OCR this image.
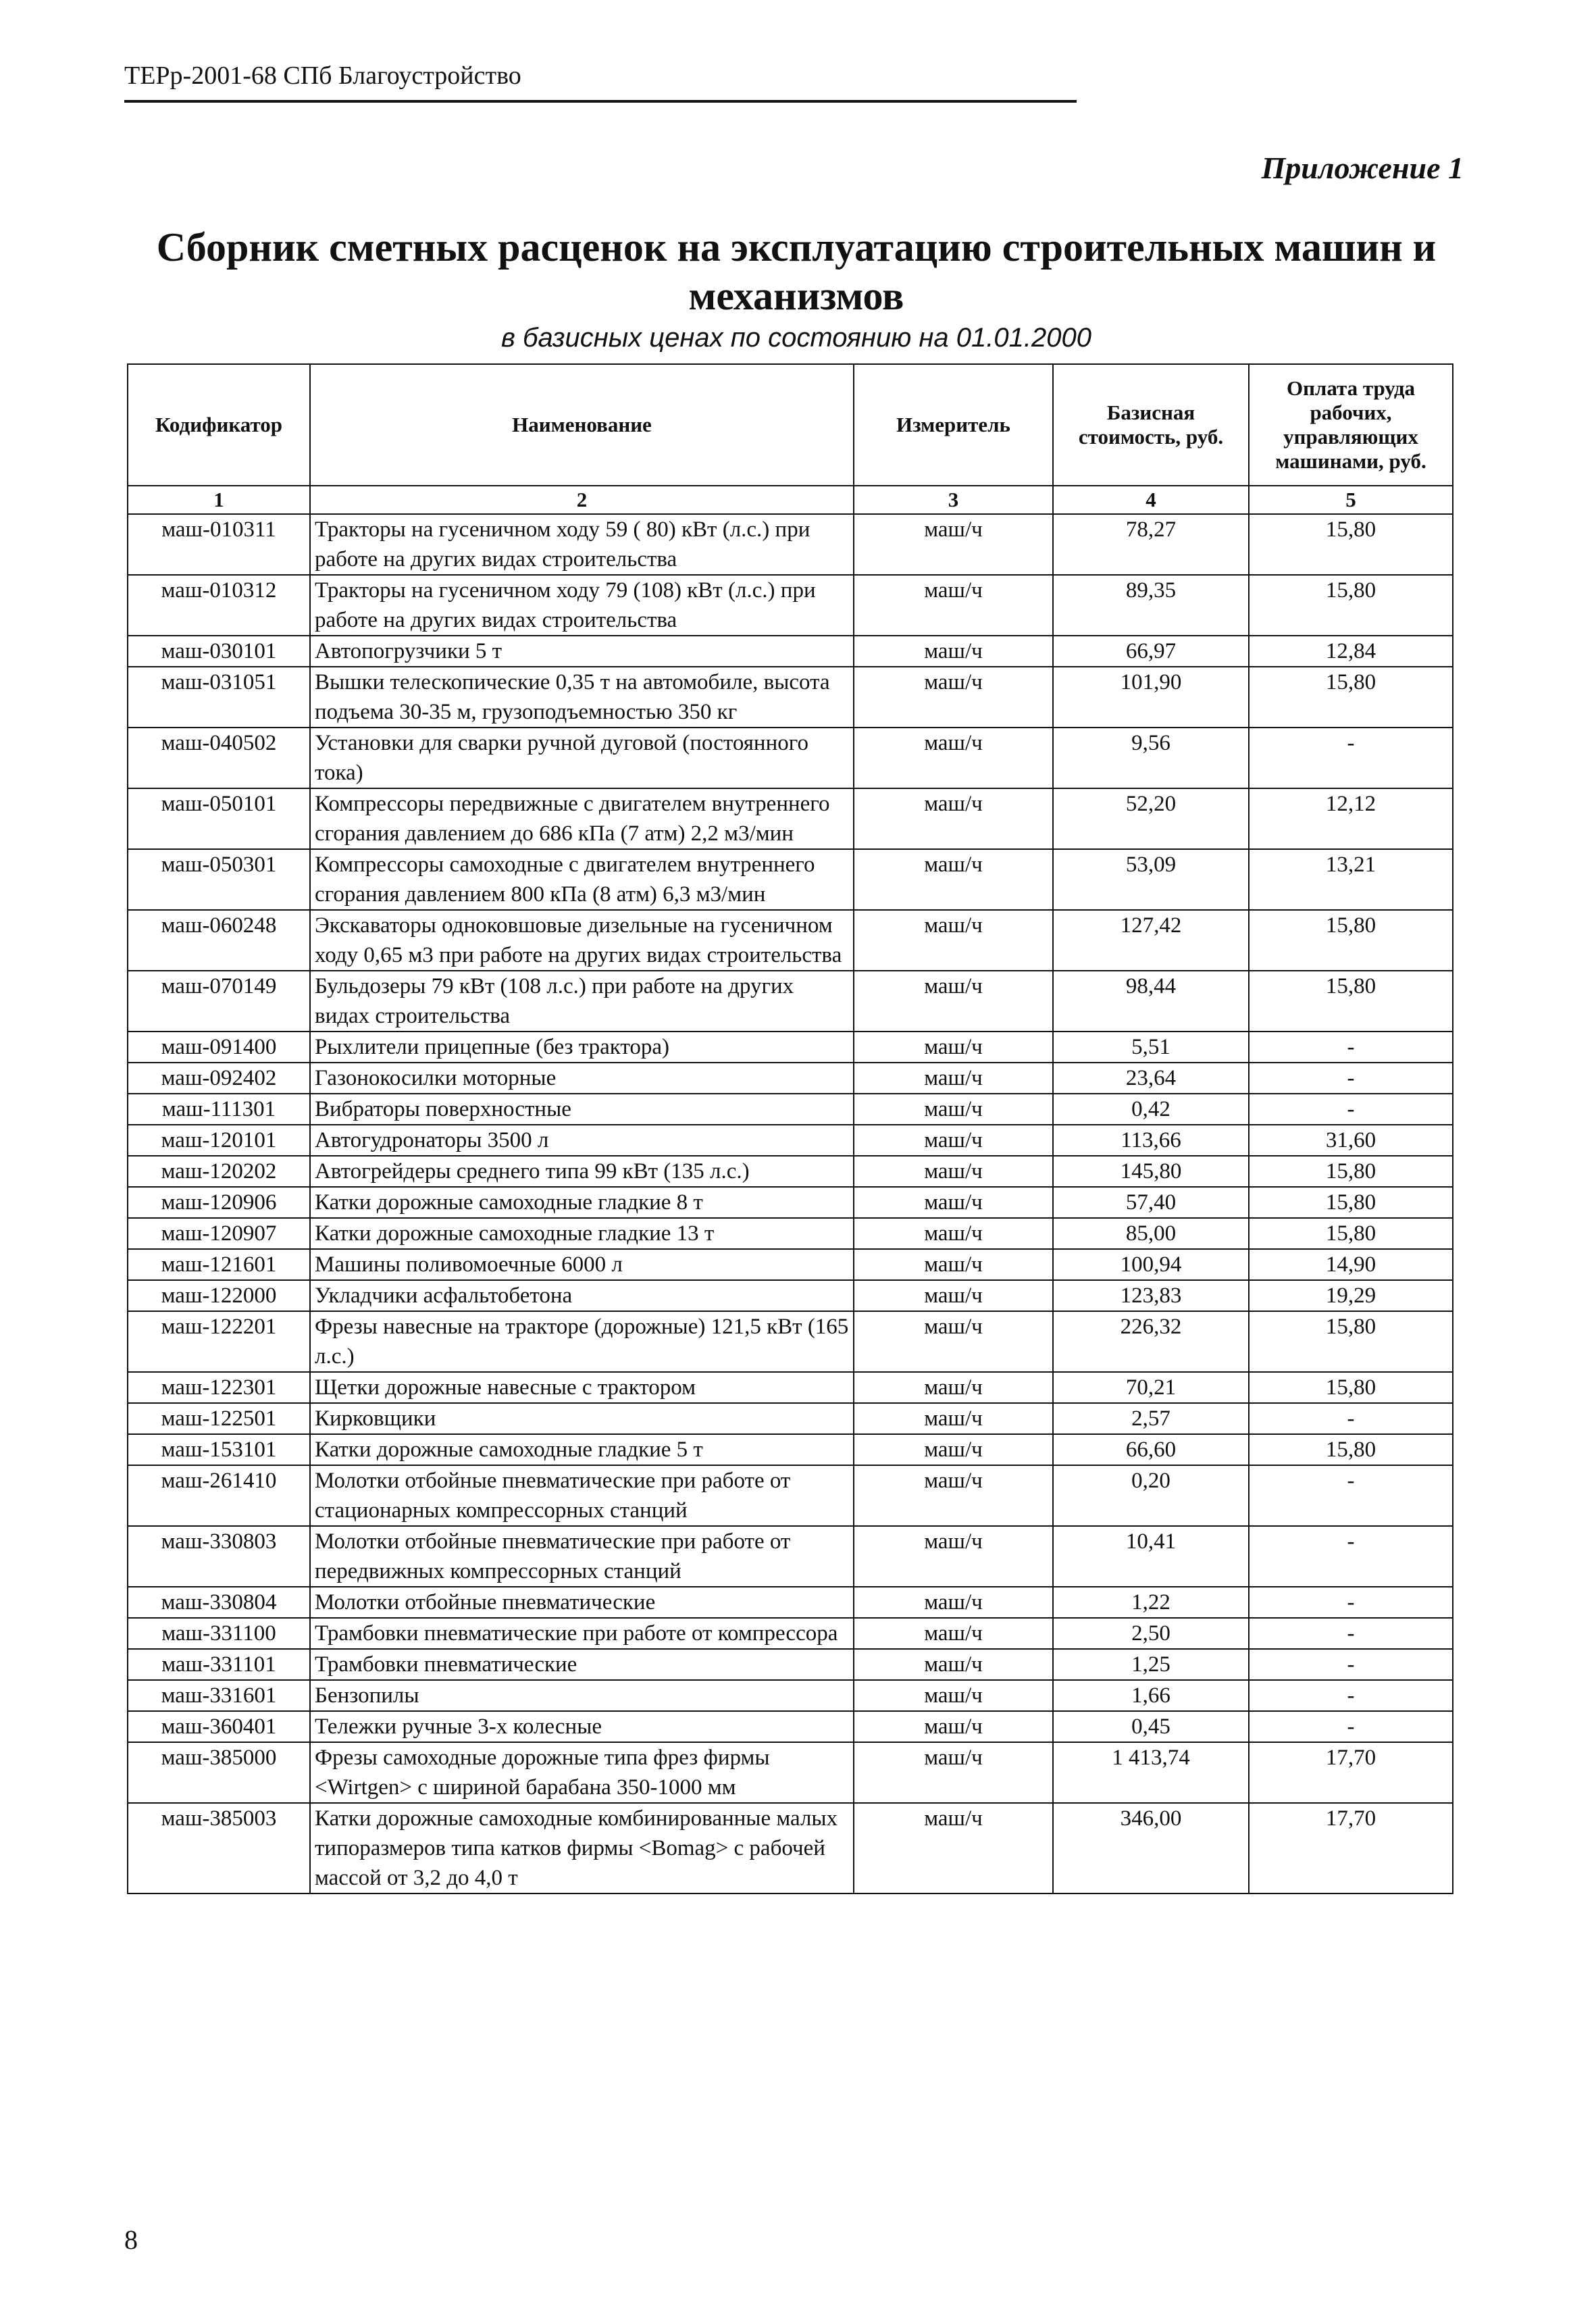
ТЕРр-2001-68 СПб Благоустройство
Приложение 1
Сборник сметных расценок на эксплуатацию строительных машин и механизмов
в базисных ценах по состоянию на 01.01.2000
Кодификатор	Наименование	Измеритель	Базисная стоимость, руб.	Оплата труда рабочих, управляющих машинами, руб.
1	2	3	4	5
маш-010311	Тракторы на гусеничном ходу 59 ( 80) кВт (л.с.) при работе на других видах строительства	маш/ч	78,27	15,80
маш-010312	Тракторы на гусеничном ходу 79 (108) кВт (л.с.) при работе на других видах строительства	маш/ч	89,35	15,80
маш-030101	Автопогрузчики 5 т	маш/ч	66,97	12,84
маш-031051	Вышки телескопические 0,35 т на автомобиле, высота подъема 30-35 м, грузоподъемностью 350 кг	маш/ч	101,90	15,80
маш-040502	Установки для сварки ручной дуговой (постоянного тока)	маш/ч	9,56	-
маш-050101	Компрессоры передвижные с двигателем внутреннего сгорания давлением до 686 кПа (7 атм) 2,2 м3/мин	маш/ч	52,20	12,12
маш-050301	Компрессоры самоходные с двигателем внутреннего сгорания давлением 800 кПа (8 атм) 6,3 м3/мин	маш/ч	53,09	13,21
маш-060248	Экскаваторы одноковшовые дизельные на гусеничном ходу 0,65 м3 при работе на других видах строительства	маш/ч	127,42	15,80
маш-070149	Бульдозеры 79 кВт (108 л.с.) при работе на других видах строительства	маш/ч	98,44	15,80
маш-091400	Рыхлители прицепные (без трактора)	маш/ч	5,51	-
маш-092402	Газонокосилки моторные	маш/ч	23,64	-
маш-111301	Вибраторы поверхностные	маш/ч	0,42	-
маш-120101	Автогудронаторы 3500 л	маш/ч	113,66	31,60
маш-120202	Автогрейдеры среднего типа 99 кВт (135 л.с.)	маш/ч	145,80	15,80
маш-120906	Катки дорожные самоходные гладкие 8 т	маш/ч	57,40	15,80
маш-120907	Катки дорожные самоходные гладкие 13 т	маш/ч	85,00	15,80
маш-121601	Машины поливомоечные 6000 л	маш/ч	100,94	14,90
маш-122000	Укладчики асфальтобетона	маш/ч	123,83	19,29
маш-122201	Фрезы навесные на тракторе (дорожные) 121,5 кВт (165 л.с.)	маш/ч	226,32	15,80
маш-122301	Щетки дорожные навесные с трактором	маш/ч	70,21	15,80
маш-122501	Кирковщики	маш/ч	2,57	-
маш-153101	Катки дорожные самоходные гладкие 5 т	маш/ч	66,60	15,80
маш-261410	Молотки отбойные пневматические при работе от стационарных компрессорных станций	маш/ч	0,20	-
маш-330803	Молотки отбойные пневматические при работе от передвижных компрессорных станций	маш/ч	10,41	-
маш-330804	Молотки отбойные пневматические	маш/ч	1,22	-
маш-331100	Трамбовки пневматические при работе от компрессора	маш/ч	2,50	-
маш-331101	Трамбовки пневматические	маш/ч	1,25	-
маш-331601	Бензопилы	маш/ч	1,66	-
маш-360401	Тележки ручные 3-х колесные	маш/ч	0,45	-
маш-385000	Фрезы самоходные дорожные типа фрез фирмы <Wirtgen> с шириной барабана 350-1000 мм	маш/ч	1 413,74	17,70
маш-385003	Катки дорожные самоходные комбинированные малых типоразмеров типа катков фирмы <Bomag> с рабочей массой от 3,2 до 4,0 т	маш/ч	346,00	17,70
8
